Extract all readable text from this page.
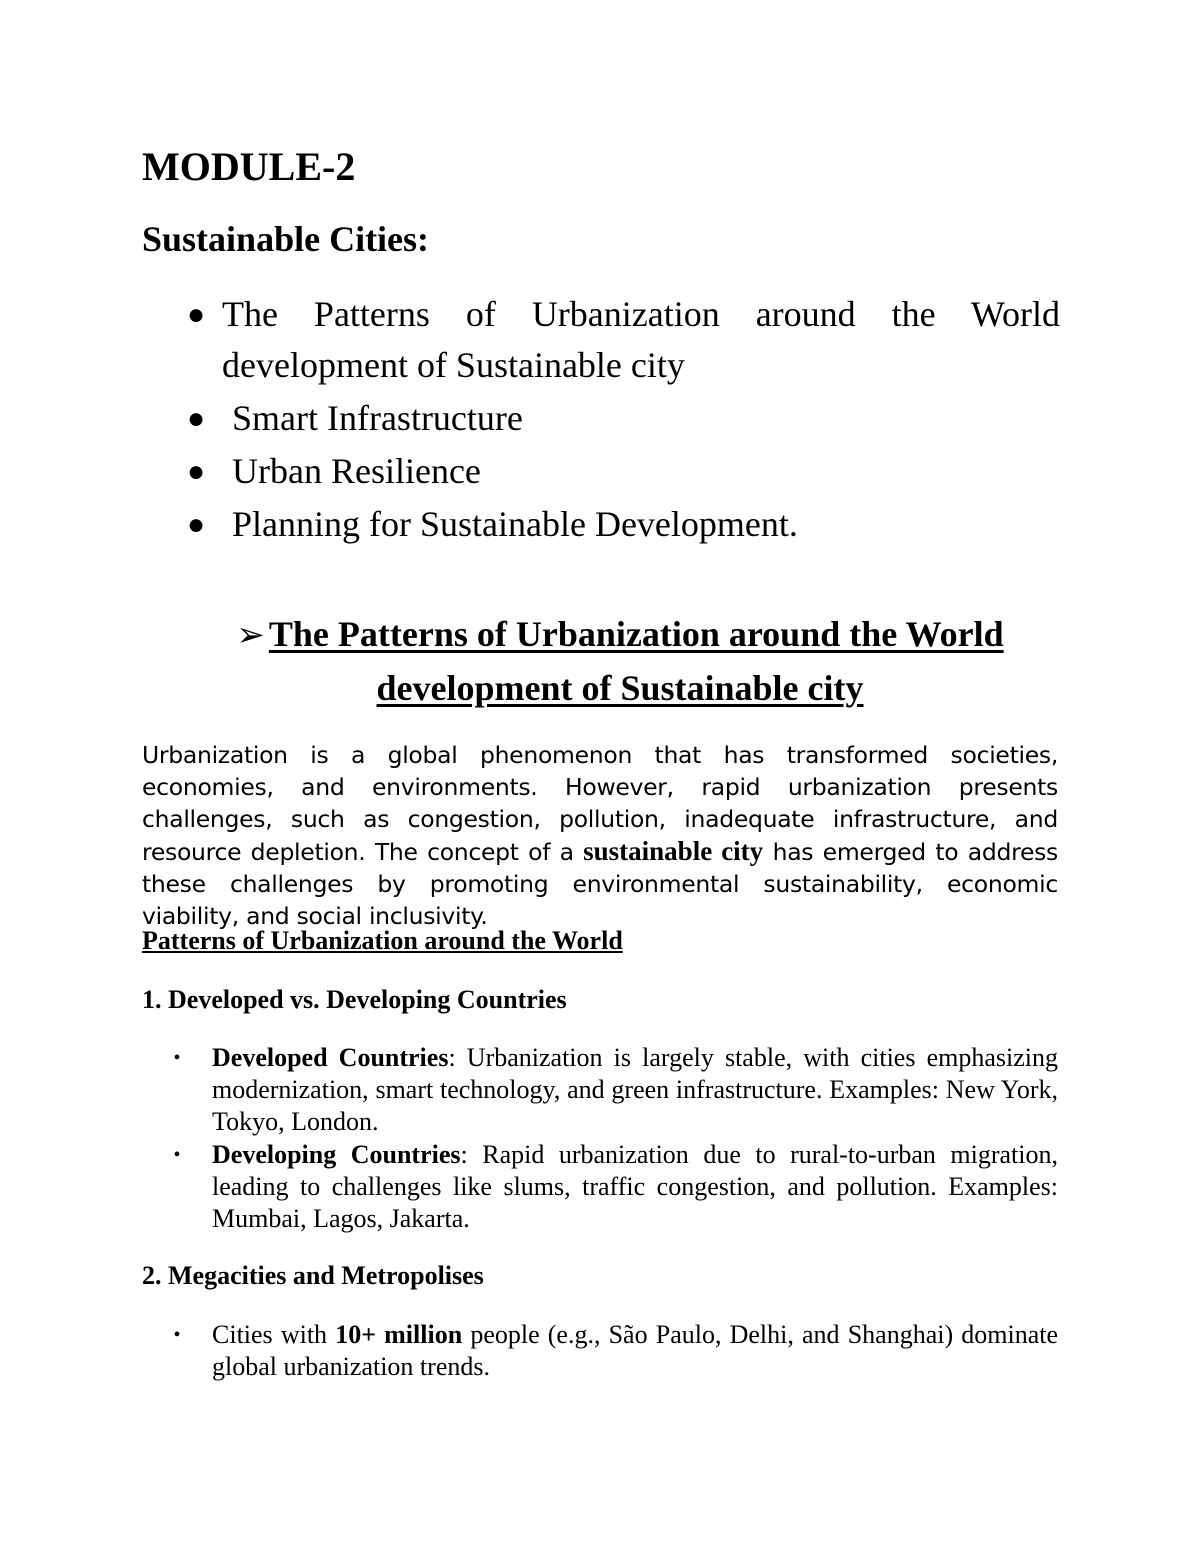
MODULE-2
Sustainable Cities:
● The Patterns of Urbanization around the World development of Sustainable city
● Smart Infrastructure
● Urban Resilience
● Planning for Sustainable Development.
➢ The Patterns of Urbanization around the World
development of Sustainable city
Urbanization is a global phenomenon that has transformed societies, economies, and environments. However, rapid urbanization presents challenges, such as congestion, pollution, inadequate infrastructure, and resource depletion. The concept of a sustainable city has emerged to address these challenges by promoting environmental sustainability, economic viability, and social inclusivity.
Patterns of Urbanization around the World
1. Developed vs. Developing Countries
• Developed Countries: Urbanization is largely stable, with cities emphasizing modernization, smart technology, and green infrastructure. Examples: New York, Tokyo, London.
• Developing Countries: Rapid urbanization due to rural-to-urban migration, leading to challenges like slums, traffic congestion, and pollution. Examples: Mumbai, Lagos, Jakarta.
2. Megacities and Metropolises
• Cities with 10+ million people (e.g., São Paulo, Delhi, and Shanghai) dominate global urbanization trends.
